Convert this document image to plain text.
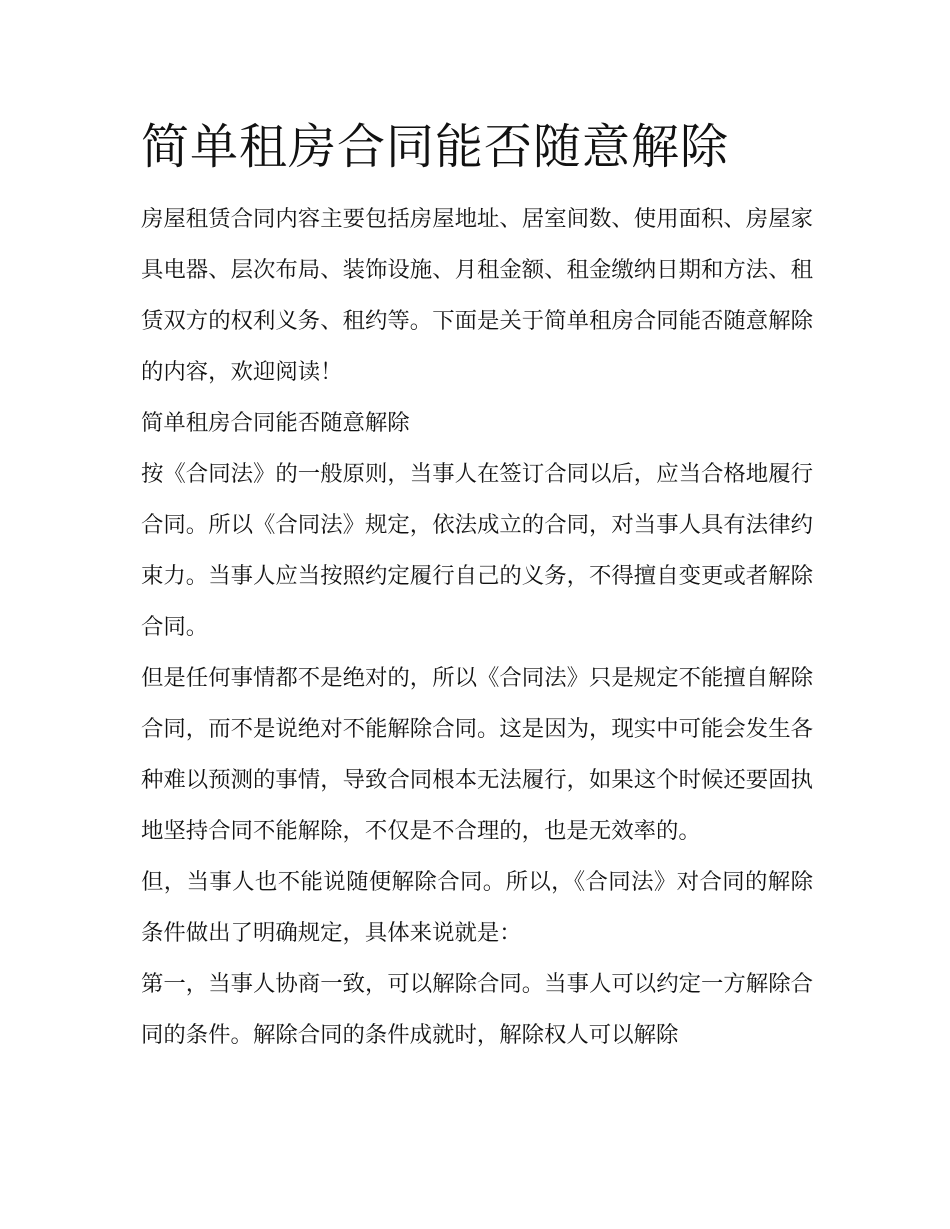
简单租房合同能否随意解除

房屋租赁合同内容主要包括房屋地址、居室间数、使用面积、房屋家具电器、层次布局、装饰设施、月租金额、租金缴纳日期和方法、租赁双方的权利义务、租约等。下面是关于简单租房合同能否随意解除的内容，欢迎阅读！

简单租房合同能否随意解除

按《合同法》的一般原则，当事人在签订合同以后，应当合格地履行合同。所以《合同法》规定，依法成立的合同，对当事人具有法律约束力。当事人应当按照约定履行自己的义务，不得擅自变更或者解除合同。

但是任何事情都不是绝对的，所以《合同法》只是规定不能擅自解除合同，而不是说绝对不能解除合同。这是因为，现实中可能会发生各种难以预测的事情，导致合同根本无法履行，如果这个时候还要固执地坚持合同不能解除，不仅是不合理的，也是无效率的。

但，当事人也不能说随便解除合同。所以，《合同法》对合同的解除条件做出了明确规定，具体来说就是：

第一，当事人协商一致，可以解除合同。当事人可以约定一方解除合同的条件。解除合同的条件成就时，解除权人可以解除
